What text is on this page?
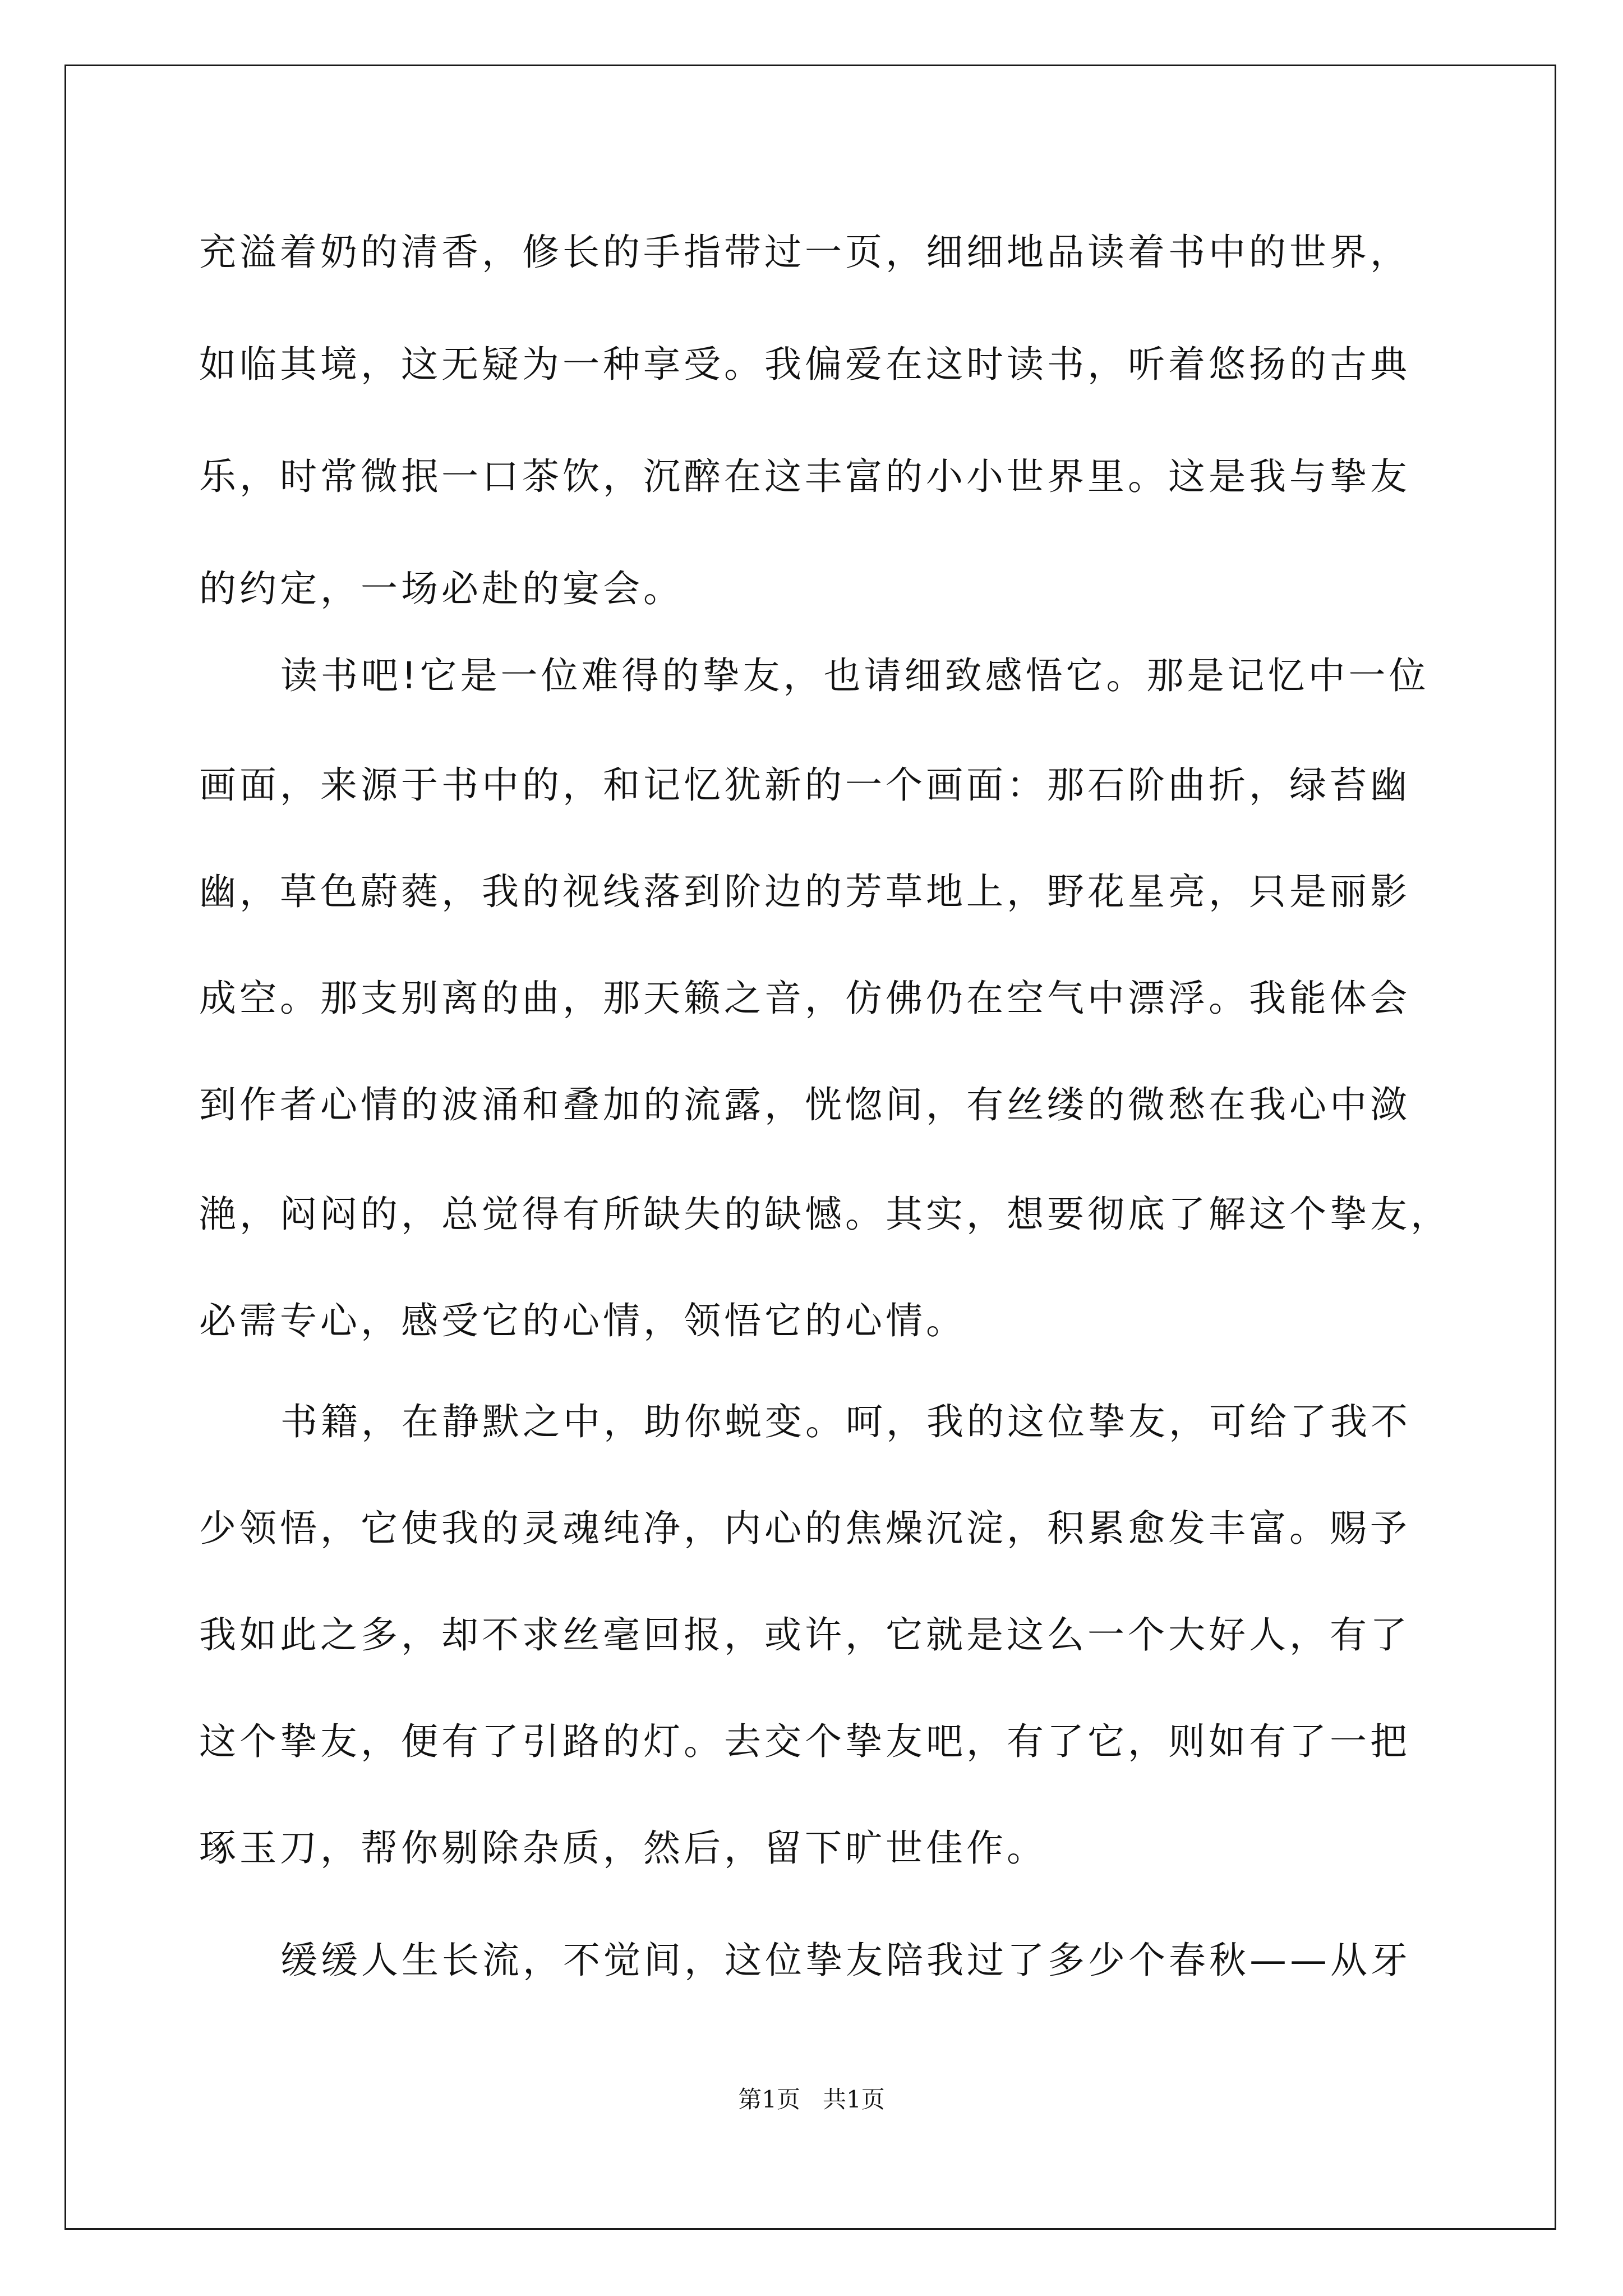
充溢着奶的清香，修长的手指带过一页，细细地品读着书中的世界，
如临其境，这无疑为一种享受。我偏爱在这时读书，听着悠扬的古典
乐，时常微抿一口茶饮，沉醉在这丰富的小小世界里。这是我与挚友
的约定，一场必赴的宴会。
读书吧!它是一位难得的挚友，也请细致感悟它。那是记忆中一位
画面，来源于书中的，和记忆犹新的一个画面：那石阶曲折，绿苔幽
幽，草色蔚蕤，我的视线落到阶边的芳草地上，野花星亮，只是丽影
成空。那支别离的曲，那天籁之音，仿佛仍在空气中漂浮。我能体会
到作者心情的波涌和叠加的流露，恍惚间，有丝缕的微愁在我心中潋
滟，闷闷的，总觉得有所缺失的缺憾。其实，想要彻底了解这个挚友，
必需专心，感受它的心情，领悟它的心情。
书籍，在静默之中，助你蜕变。呵，我的这位挚友，可给了我不
少领悟，它使我的灵魂纯净，内心的焦燥沉淀，积累愈发丰富。赐予
我如此之多，却不求丝毫回报，或许，它就是这么一个大好人，有了
这个挚友，便有了引路的灯。去交个挚友吧，有了它，则如有了一把
琢玉刀，帮你剔除杂质，然后，留下旷世佳作。
缓缓人生长流，不觉间，这位挚友陪我过了多少个春秋——从牙
第1页   共1页
